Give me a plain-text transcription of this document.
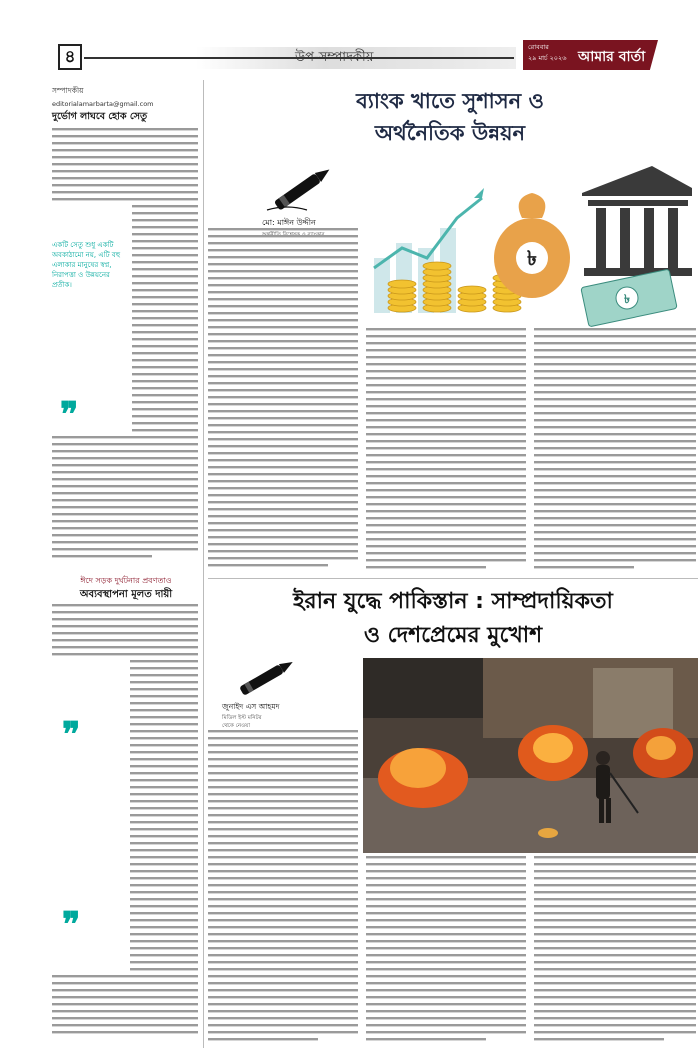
৪	উপ-সম্পাদকীয়
রোববার
২৯ মার্চ ২০২৬ আমার বার্তা
সম্পাদকীয়
editorialamarbarta@gmail.com
দুর্ভোগ লাঘবে হোক সেতু
একটি সেতু শুধু একটি অবকাঠামো নয়, এটি বহু এলাকার মানুষের স্বপ্ন, নিরাপত্তা ও উন্নয়নের প্রতীক।
❞
ঈদে সড়ক দুর্ঘটনার প্রবণতাও
অব্যবস্থাপনা মূলত দায়ী
❞
❞
ব্যাংক খাতে সুশাসন ও
অর্থনৈতিক উন্নয়ন
মো: মাঈন উদ্দীন
৳
৳
ইরান যুদ্ধে পাকিস্তান : সাম্প্রদায়িকতা
ও দেশপ্রেমের মুখোশ
জুনাইদ এস আহমদ
মিডিল ইস্ট মনিটর
থেকে নেওয়া
